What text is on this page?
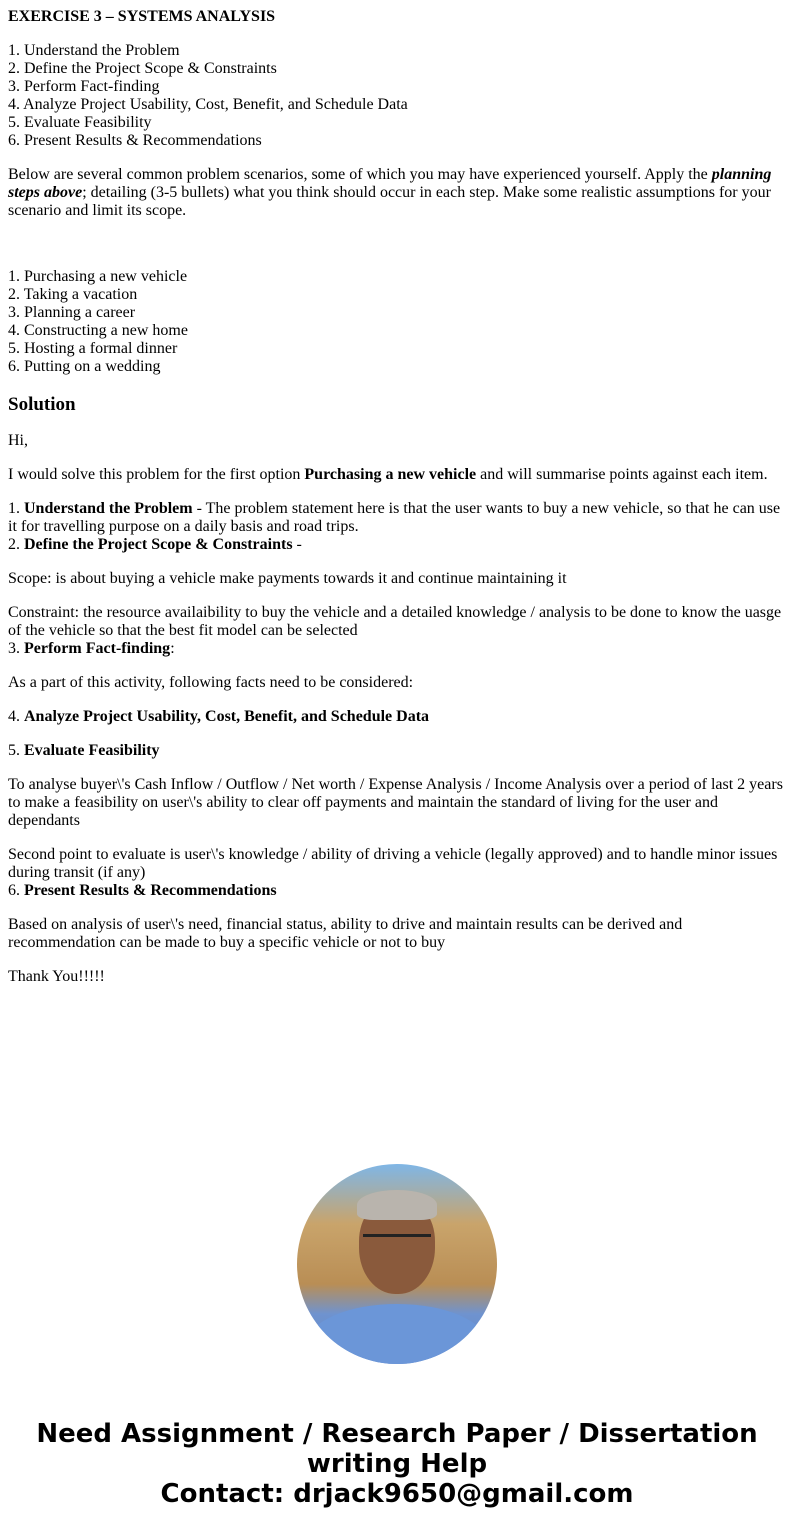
EXERCISE 3 – SYSTEMS ANALYSIS

1. Understand the Problem
2. Define the Project Scope & Constraints
3. Perform Fact-finding
4. Analyze Project Usability, Cost, Benefit, and Schedule Data
5. Evaluate Feasibility
6. Present Results & Recommendations

Below are several common problem scenarios, some of which you may have experienced yourself. Apply the planning steps above; detailing (3-5 bullets) what you think should occur in each step. Make some realistic assumptions for your scenario and limit its scope.

1. Purchasing a new vehicle
2. Taking a vacation
3. Planning a career
4. Constructing a new home
5. Hosting a formal dinner
6. Putting on a wedding

Solution

Hi,

I would solve this problem for the first option Purchasing a new vehicle and will summarise points against each item.

1. Understand the Problem - The problem statement here is that the user wants to buy a new vehicle, so that he can use it for travelling purpose on a daily basis and road trips.
2. Define the Project Scope & Constraints -

Scope: is about buying a vehicle make payments towards it and continue maintaining it

Constraint: the resource availaibility to buy the vehicle and a detailed knowledge / analysis to be done to know the uasge of the vehicle so that the best fit model can be selected
3. Perform Fact-finding:

As a part of this activity, following facts need to be considered:

4. Analyze Project Usability, Cost, Benefit, and Schedule Data

5. Evaluate Feasibility

To analyse buyer\'s Cash Inflow / Outflow / Net worth / Expense Analysis / Income Analysis over a period of last 2 years to make a feasibility on user\'s ability to clear off payments and maintain the standard of living for the user and dependants

Second point to evaluate is user\'s knowledge / ability of driving a vehicle (legally approved) and to handle minor issues during transit (if any)
6. Present Results & Recommendations

Based on analysis of user\'s need, financial status, ability to drive and maintain results can be derived and recommendation can be made to buy a specific vehicle or not to buy

Thank You!!!!!

Need Assignment / Research Paper / Dissertation writing Help
Contact: drjack9650@gmail.com
